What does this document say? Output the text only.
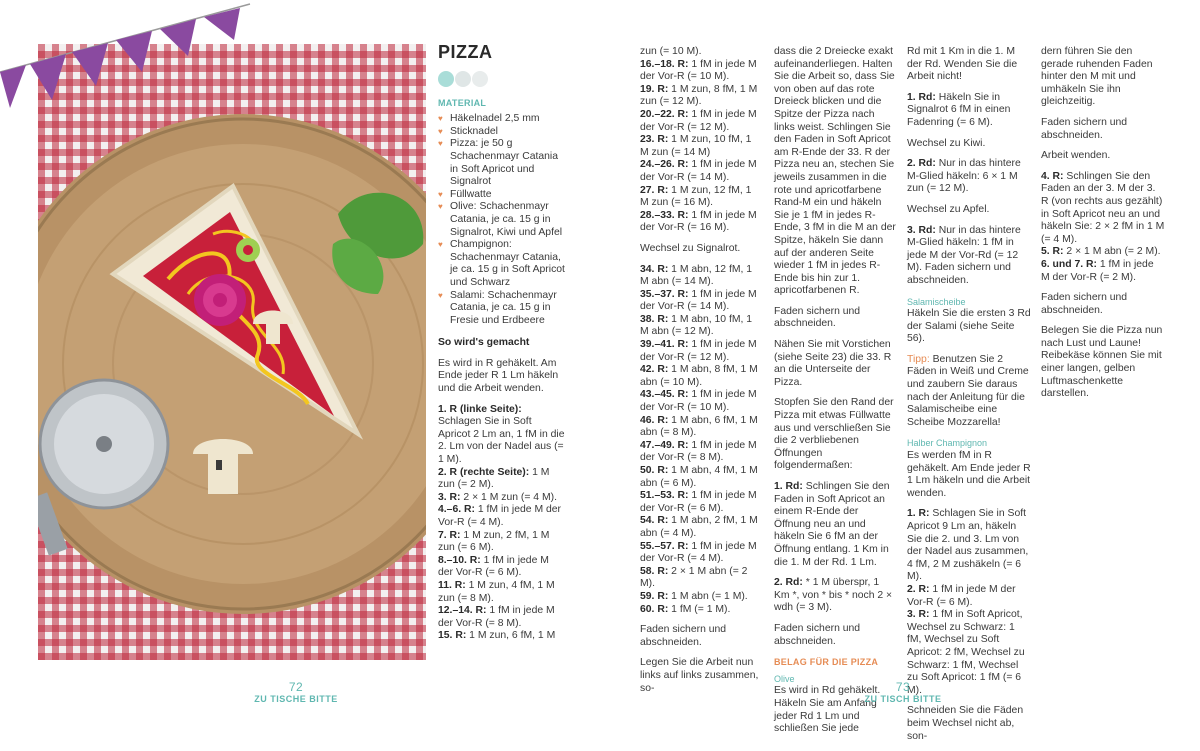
PIZZA
MATERIAL
♥ Häkelnadel 2,5 mm
♥ Sticknadel
♥ Pizza: je 50 g Schachenmayr Catania in Soft Apricot und Signalrot
♥ Füllwatte
♥ Olive: Schachenmayr Catania, je ca. 15 g in Signalrot, Kiwi und Apfel
♥ Champignon: Schachenmayr Catania, je ca. 15 g in Soft Apricot und Schwarz
♥ Salami: Schachenmayr Catania, je ca. 15 g in Fresie und Erdbeere
So wird's gemacht

Es wird in R gehäkelt. Am Ende jeder R 1 Lm häkeln und die Arbeit wenden.

1. R (linke Seite): Schlagen Sie in Soft Apricot 2 Lm an, 1 fM in die 2. Lm von der Nadel aus (= 1 M).

2. R (rechte Seite): 1 M zun (= 2 M).

3. R: 2 × 1 M zun (= 4 M).

4.–6. R: 1 fM in jede M der Vor-R (= 4 M).

7. R: 1 M zun, 2 fM, 1 M zun (= 6 M).

8.–10. R: 1 fM in jede M der Vor-R (= 6 M).

11. R: 1 M zun, 4 fM, 1 M zun (= 8 M).

12.–14. R: 1 fM in jede M der Vor-R (= 8 M).

15. R: 1 M zun, 6 fM, 1 M

zun (= 10 M).

16.–18. R: 1 fM in jede M der Vor-R (= 10 M).

19. R: 1 M zun, 8 fM, 1 M zun (= 12 M).

20.–22. R: 1 fM in jede M der Vor-R (= 12 M).

23. R: 1 M zun, 10 fM, 1 M zun (= 14 M)

24.–26. R: 1 fM in jede M der Vor-R (= 14 M).

27. R: 1 M zun, 12 fM, 1 M zun (= 16 M).

28.–33. R: 1 fM in jede M der Vor-R (= 16 M).

Wechsel zu Signalrot.

34. R: 1 M abn, 12 fM, 1 M abn (= 14 M).

35.–37. R: 1 fM in jede M der Vor-R (= 14 M).

38. R: 1 M abn, 10 fM, 1 M abn (= 12 M).

39.–41. R: 1 fM in jede M der Vor-R (= 12 M).

42. R: 1 M abn, 8 fM, 1 M abn (= 10 M).

43.–45. R: 1 fM in jede M der Vor-R (= 10 M).

46. R: 1 M abn, 6 fM, 1 M abn (= 8 M).

47.–49. R: 1 fM in jede M der Vor-R (= 8 M).

50. R: 1 M abn, 4 fM, 1 M abn (= 6 M).

51.–53. R: 1 fM in jede M der Vor-R (= 6 M).

54. R: 1 M abn, 2 fM, 1 M abn (= 4 M).

55.–57. R: 1 fM in jede M der Vor-R (= 4 M).

58. R: 2 × 1 M abn (= 2 M).

59. R: 1 M abn (= 1 M).

60. R: 1 fM (= 1 M).

Faden sichern und abschneiden.

Legen Sie die Arbeit nun links auf links zusammen, so-

dass die 2 Dreiecke exakt aufeinanderliegen. Halten Sie die Arbeit so, dass Sie von oben auf das rote Dreieck blicken und die Spitze der Pizza nach links weist. Schlingen Sie den Faden in Soft Apricot am R-Ende der 33. R der Pizza neu an, stechen Sie jeweils zusammen in die rote und apricotfarbene Rand-M ein und häkeln Sie je 1 fM in jedes R-Ende, 3 fM in die M an der Spitze, häkeln Sie dann auf der anderen Seite wieder 1 fM in jedes R-Ende bis hin zur 1. apricotfarbenen R.

Faden sichern und abschneiden.

Nähen Sie mit Vorstichen (siehe Seite 23) die 33. R an die Unterseite der Pizza.

Stopfen Sie den Rand der Pizza mit etwas Füllwatte aus und verschließen Sie die 2 verbliebenen Öffnungen folgendermaßen:

1. Rd: Schlingen Sie den Faden in Soft Apricot an einem R-Ende der Öffnung neu an und häkeln Sie 6 fM an der Öffnung entlang. 1 Km in die 1. M der Rd. 1 Lm.

2. Rd: * 1 M überspr, 1 Km *, von * bis * noch 2 × wdh (= 3 M).

Faden sichern und abschneiden.

BELAG FÜR DIE PIZZA
Olive

Es wird in Rd gehäkelt. Häkeln Sie am Anfang jeder Rd 1 Lm und schließen Sie jede

Rd mit 1 Km in die 1. M der Rd. Wenden Sie die Arbeit nicht!

1. Rd: Häkeln Sie in Signalrot 6 fM in einen Fadenring (= 6 M).

Wechsel zu Kiwi.

2. Rd: Nur in das hintere M-Glied häkeln: 6 × 1 M zun (= 12 M).

Wechsel zu Apfel.

3. Rd: Nur in das hintere M-Glied häkeln: 1 fM in jede M der Vor-Rd (= 12 M). Faden sichern und abschneiden.

Salamischeibe

Häkeln Sie die ersten 3 Rd der Salami (siehe Seite 56).

Tipp: Benutzen Sie 2 Fäden in Weiß und Creme und zaubern Sie daraus nach der Anleitung für die Salamischeibe eine Scheibe Mozzarella!

Halber Champignon

Es werden fM in R gehäkelt. Am Ende jeder R 1 Lm häkeln und die Arbeit wenden.

1. R: Schlagen Sie in Soft Apricot 9 Lm an, häkeln Sie die 2. und 3. Lm von der Nadel aus zusammen, 4 fM, 2 M zushäkeln (= 6 M).

2. R: 1 fM in jede M der Vor-R (= 6 M).

3. R: 1 fM in Soft Apricot, Wechsel zu Schwarz: 1 fM, Wechsel zu Soft Apricot: 2 fM, Wechsel zu Schwarz: 1 fM, Wechsel zu Soft Apricot: 1 fM (= 6 M).

Schneiden Sie die Fäden beim Wechsel nicht ab, son-

dern führen Sie den gerade ruhenden Faden hinter den M mit und umhäkeln Sie ihn gleichzeitig.

Faden sichern und abschneiden.

Arbeit wenden.

4. R: Schlingen Sie den Faden an der 3. M der 3. R (von rechts aus gezählt) in Soft Apricot neu an und häkeln Sie: 2 × 2 fM in 1 M (= 4 M).

5. R: 2 × 1 M abn (= 2 M).

6. und 7. R: 1 fM in jede M der Vor-R (= 2 M).

Faden sichern und abschneiden.

Belegen Sie die Pizza nun nach Lust und Laune! Reibekäse können Sie mit einer langen, gelben Luftmaschenkette darstellen.

72
ZU TISCHE BITTE
73
ZU TISCH BITTE
